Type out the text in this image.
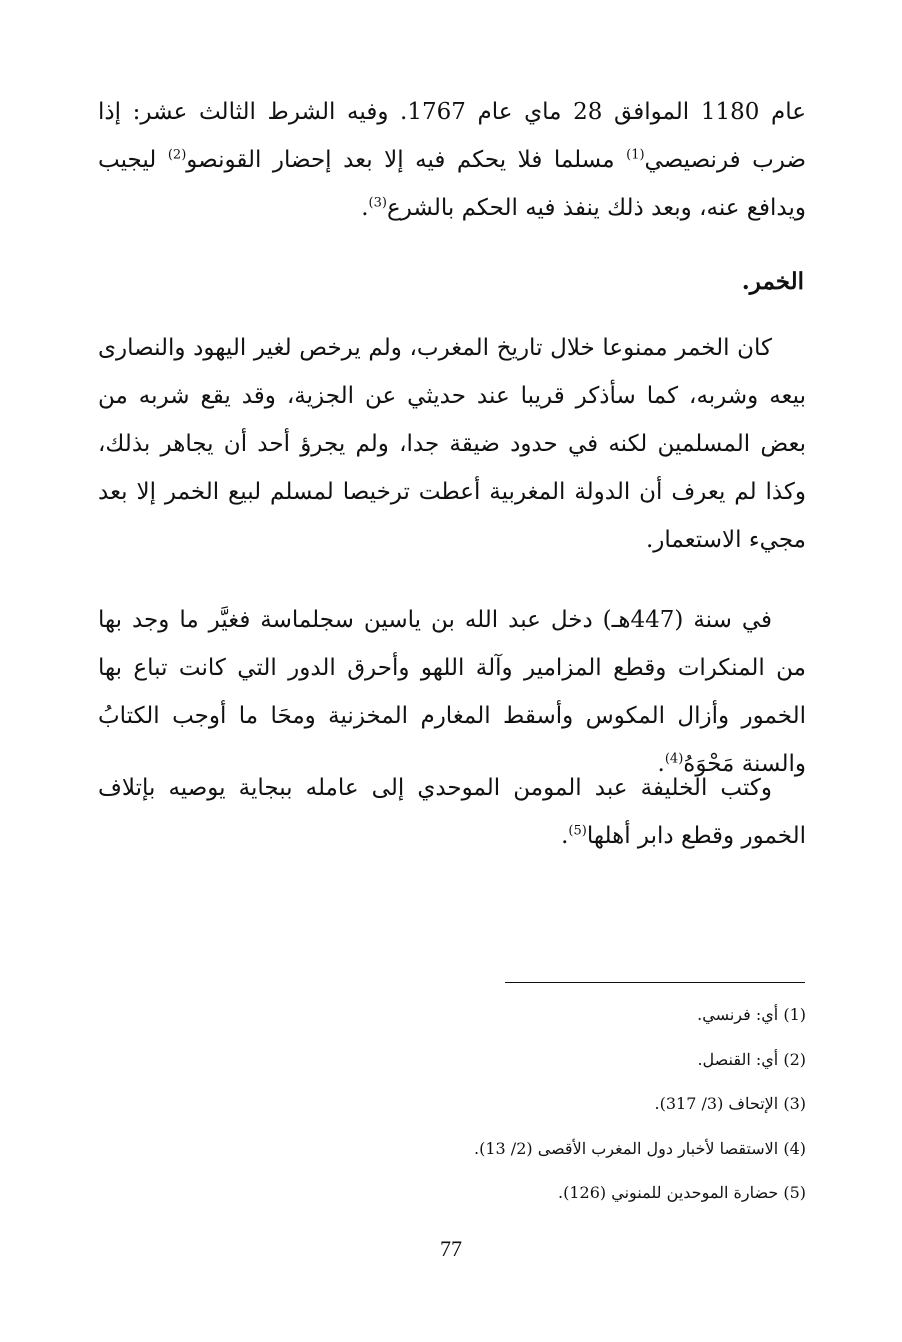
عام 1180 الموافق 28 ماي عام 1767. وفيه الشرط الثالث عشر: إذا ضرب فرنصيصي$^{(1)}$ مسلما فلا يحكم فيه إلا بعد إحضار القونصو$^{(2)}$ ليجيب ويدافع عنه، وبعد ذلك ينفذ فيه الحكم بالشرع$^{(3)}$.

الخمر.

كان الخمر ممنوعا خلال تاريخ المغرب، ولم يرخص لغير اليهود والنصارى بيعه وشربه، كما سأذكر قريبا عند حديثي عن الجزية، وقد يقع شربه من بعض المسلمين لكنه في حدود ضيقة جدا، ولم يجرؤ أحد أن يجاهر بذلك، وكذا لم يعرف أن الدولة المغربية أعطت ترخيصا لمسلم لبيع الخمر إلا بعد مجيء الاستعمار.

في سنة (447هـ) دخل عبد الله بن ياسين سجلماسة فغيَّر ما وجد بها من المنكرات وقطع المزامير وآلة اللهو وأحرق الدور التي كانت تباع بها الخمور وأزال المكوس وأسقط المغارم المخزنية ومحَا ما أوجب الكتابُ والسنة مَحْوَهُ$^{(4)}$.

وكتب الخليفة عبد المومن الموحدي إلى عامله ببجاية يوصيه بإتلاف الخمور وقطع دابر أهلها$^{(5)}$.

(1) أي: فرنسي.
(2) أي: القنصل.
(3) الإتحاف (3/ 317).
(4) الاستقصا لأخبار دول المغرب الأقصى (2/ 13).
(5) حضارة الموحدين للمنوني (126).
77
